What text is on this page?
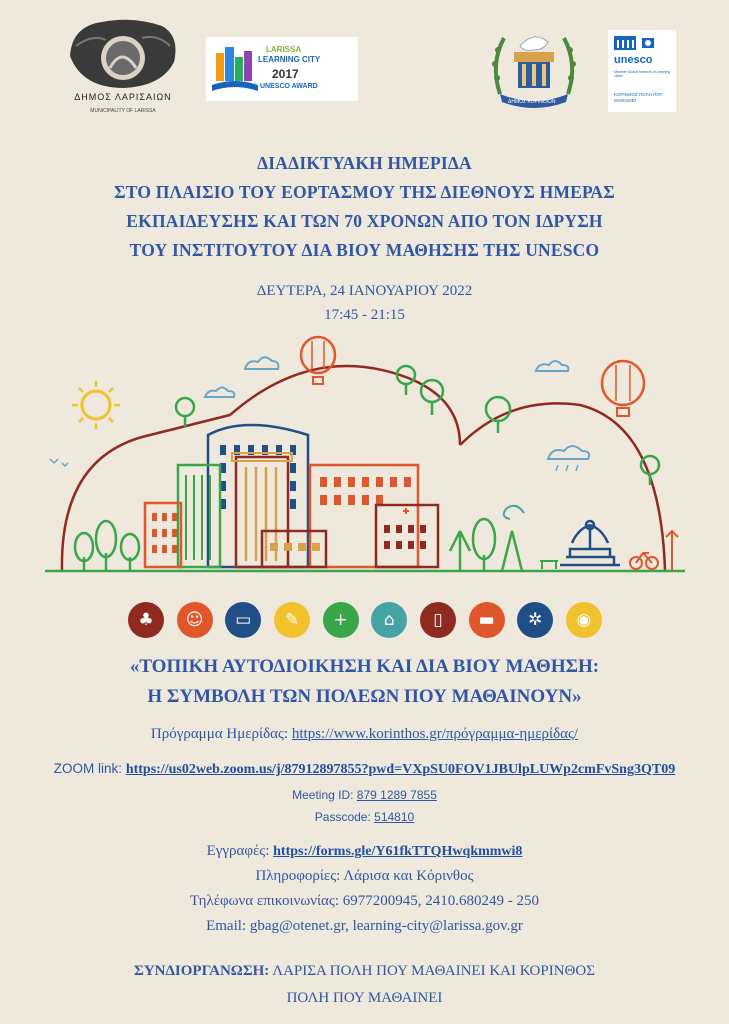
ΔΗΜΟΣ ΛΑΡΙΣΑΙΩΝ
MUNICIPALITY OF LARISSA
LARISSA
LEARNING CITY
2017
UNESCO AWARD
ΔΗΜΟΣ ΚΟΡΙΝΘΙΩΝ
unesco
Member Global Network of Learning Cities
ΚΟΡΙΝΘΟΣ ΠΟΛΗ ΠΟΥ ΜΑΘΑΙΝΕΙ
ΔΙΑΔΙΚΤΥΑΚΗ ΗΜΕΡΙΔΑ
ΣΤΟ ΠΛΑΙΣΙΟ ΤΟΥ ΕΟΡΤΑΣΜΟΥ ΤΗΣ ΔΙΕΘΝΟΥΣ ΗΜΕΡΑΣ
ΕΚΠΑΙΔΕΥΣΗΣ ΚΑΙ ΤΩΝ 70 ΧΡΟΝΩΝ ΑΠΟ ΤΟΝ ΙΔΡΥΣΗ
ΤΟΥ ΙΝΣΤΙΤΟΥΤΟΥ ΔΙΑ ΒΙΟΥ ΜΑΘΗΣΗΣ ΤΗΣ UNESCO
ΔΕΥΤΕΡΑ, 24 ΙΑΝΟΥΑΡΙΟΥ 2022
17:45 - 21:15
♣	☺	▭	✎	+	⌂	▯	▬	✲	◉
«ΤΟΠΙΚΗ ΑΥΤΟΔΙΟΙΚΗΣΗ ΚΑΙ ΔΙΑ ΒΙΟΥ ΜΑΘΗΣΗ:
Η ΣΥΜΒΟΛΗ ΤΩΝ ΠΟΛΕΩΝ ΠΟΥ ΜΑΘΑΙΝΟΥΝ»
Πρόγραμμα Ημερίδας: https://www.korinthos.gr/πρόγραμμα-ημερίδας/
ZOOM link: https://us02web.zoom.us/j/87912897855?pwd=VXpSU0FOV1JBUlpLUWp2cmFvSng3QT09
Meeting ID: 879 1289 7855
Passcode: 514810
Εγγραφές: https://forms.gle/Y61fkTTQHwqkmmwi8
Πληροφορίες: Λάρισα και Κόρινθος
Τηλέφωνα επικοινωνίας: 6977200945, 2410.680249 - 250
Email: gbag@otenet.gr, learning-city@larissa.gov.gr
ΣΥΝΔΙΟΡΓΑΝΩΣΗ: ΛΑΡΙΣΑ ΠΟΛΗ ΠΟΥ ΜΑΘΑΙΝΕΙ ΚΑΙ ΚΟΡΙΝΘΟΣ
ΠΟΛΗ ΠΟΥ ΜΑΘΑΙΝΕΙ
